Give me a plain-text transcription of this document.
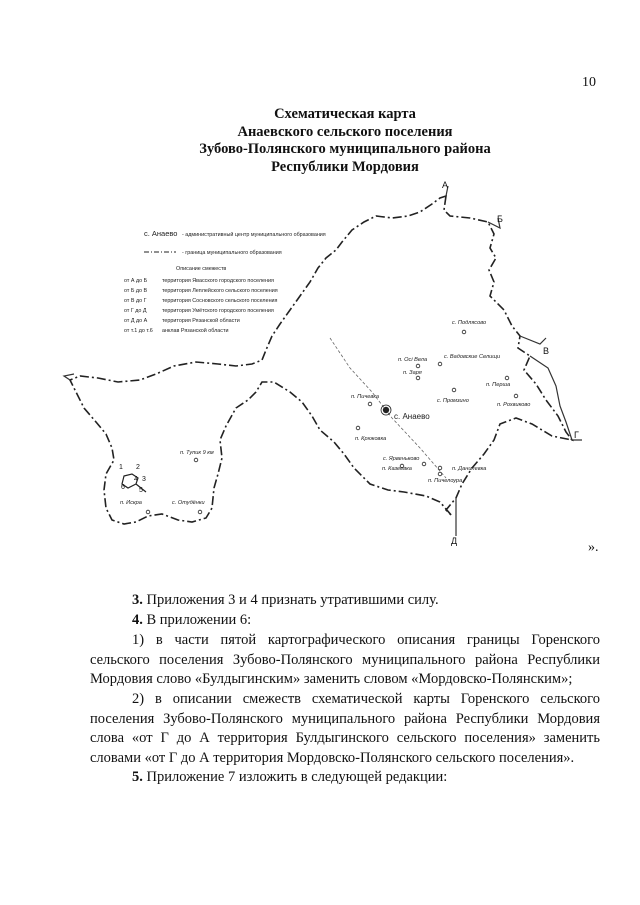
10
Схематическая карта
Анаевского сельского поселения
Зубово-Полянского муниципального района
Республики Мордовия
с. Анаево - административный центр муниципального образования
- граница муниципального образования
Описание смежеств
от А до Б	территория Явасского городского поселения
от Б до В	территория Леплейского сельского поселения
от В до Г	территория Сосновского сельского поселения
от Г до Д	территория Умётского городского поселения
от Д до А	территория Рязанской области
от т.1 до т.6 анклав Рязанской области
А
Б
В
Г
Д
1 2
3
4
5
6
с. Подлясово
п. Осі Вела	с. Вадовские Селищи
п. Заря
п. Перша
п. Пичевка
с. Промзино
п. Рохвиково
с. Анаево
п. Крюковка
п. Тупик 9 км
с. Ярвеньково
п. Казеевка	п. Данилевка
п. Пичелоура
п. Искра	с. Отудёнки
».
3. Приложения 3 и 4 признать утратившими силу.
4. В приложении 6:
1) в части пятой картографического описания границы Горенского
сельского поселения Зубово-Полянского муниципального района Республики
Мордовия слово «Булдыгинским» заменить словом «Мордовско-Полянским»;
2) в описании смежеств схематической карты Горенского сельского
поселения Зубово-Полянского муниципального района Республики Мордовия
слова «от Г до А территория Булдыгинского сельского поселения» заменить
словами «от Г до А территория Мордовско-Полянского сельского поселения».
5. Приложение 7 изложить в следующей редакции:
